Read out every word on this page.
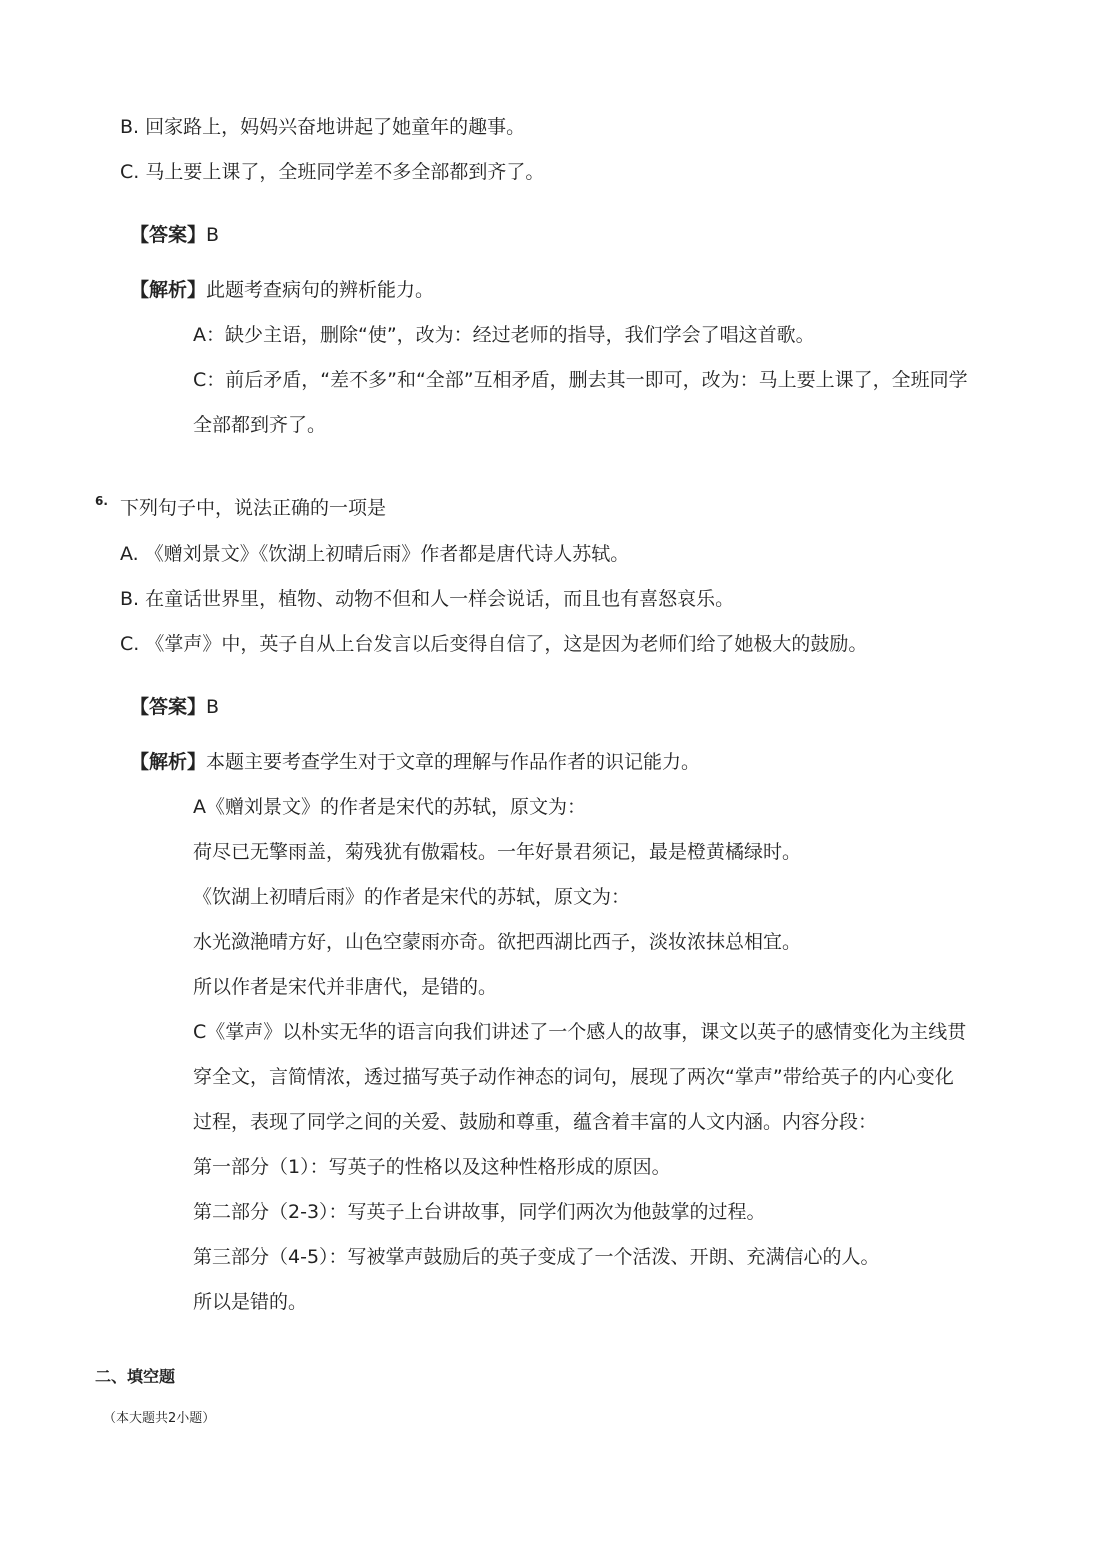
B. 回家路上，妈妈兴奋地讲起了她童年的趣事。
C. 马上要上课了，全班同学差不多全部都到齐了。
【答案】B
【解析】此题考查病句的辨析能力。
A：缺少主语，删除“使”，改为：经过老师的指导，我们学会了唱这首歌。
C：前后矛盾，“差不多”和“全部”互相矛盾，删去其一即可，改为：马上要上课了，全班同学
全部都到齐了。
6. 下列句子中，说法正确的一项是
A. 《赠刘景文》《饮湖上初晴后雨》作者都是唐代诗人苏轼。
B. 在童话世界里，植物、动物不但和人一样会说话，而且也有喜怒哀乐。
C. 《掌声》中，英子自从上台发言以后变得自信了，这是因为老师们给了她极大的鼓励。
【答案】B
【解析】本题主要考查学生对于文章的理解与作品作者的识记能力。
A《赠刘景文》的作者是宋代的苏轼，原文为：
荷尽已无擎雨盖，菊残犹有傲霜枝。一年好景君须记，最是橙黄橘绿时。
《饮湖上初晴后雨》的作者是宋代的苏轼，原文为：
水光潋滟晴方好，山色空蒙雨亦奇。欲把西湖比西子，淡妆浓抹总相宜。
所以作者是宋代并非唐代，是错的。
C《掌声》以朴实无华的语言向我们讲述了一个感人的故事，课文以英子的感情变化为主线贯
穿全文，言简情浓，透过描写英子动作神态的词句，展现了两次“掌声”带给英子的内心变化
过程，表现了同学之间的关爱、鼓励和尊重，蕴含着丰富的人文内涵。内容分段：
第一部分（1）：写英子的性格以及这种性格形成的原因。
第二部分（2-3）：写英子上台讲故事，同学们两次为他鼓掌的过程。
第三部分（4-5）：写被掌声鼓励后的英子变成了一个活泼、开朗、充满信心的人。
所以是错的。
二、填空题
（本大题共2小题）
